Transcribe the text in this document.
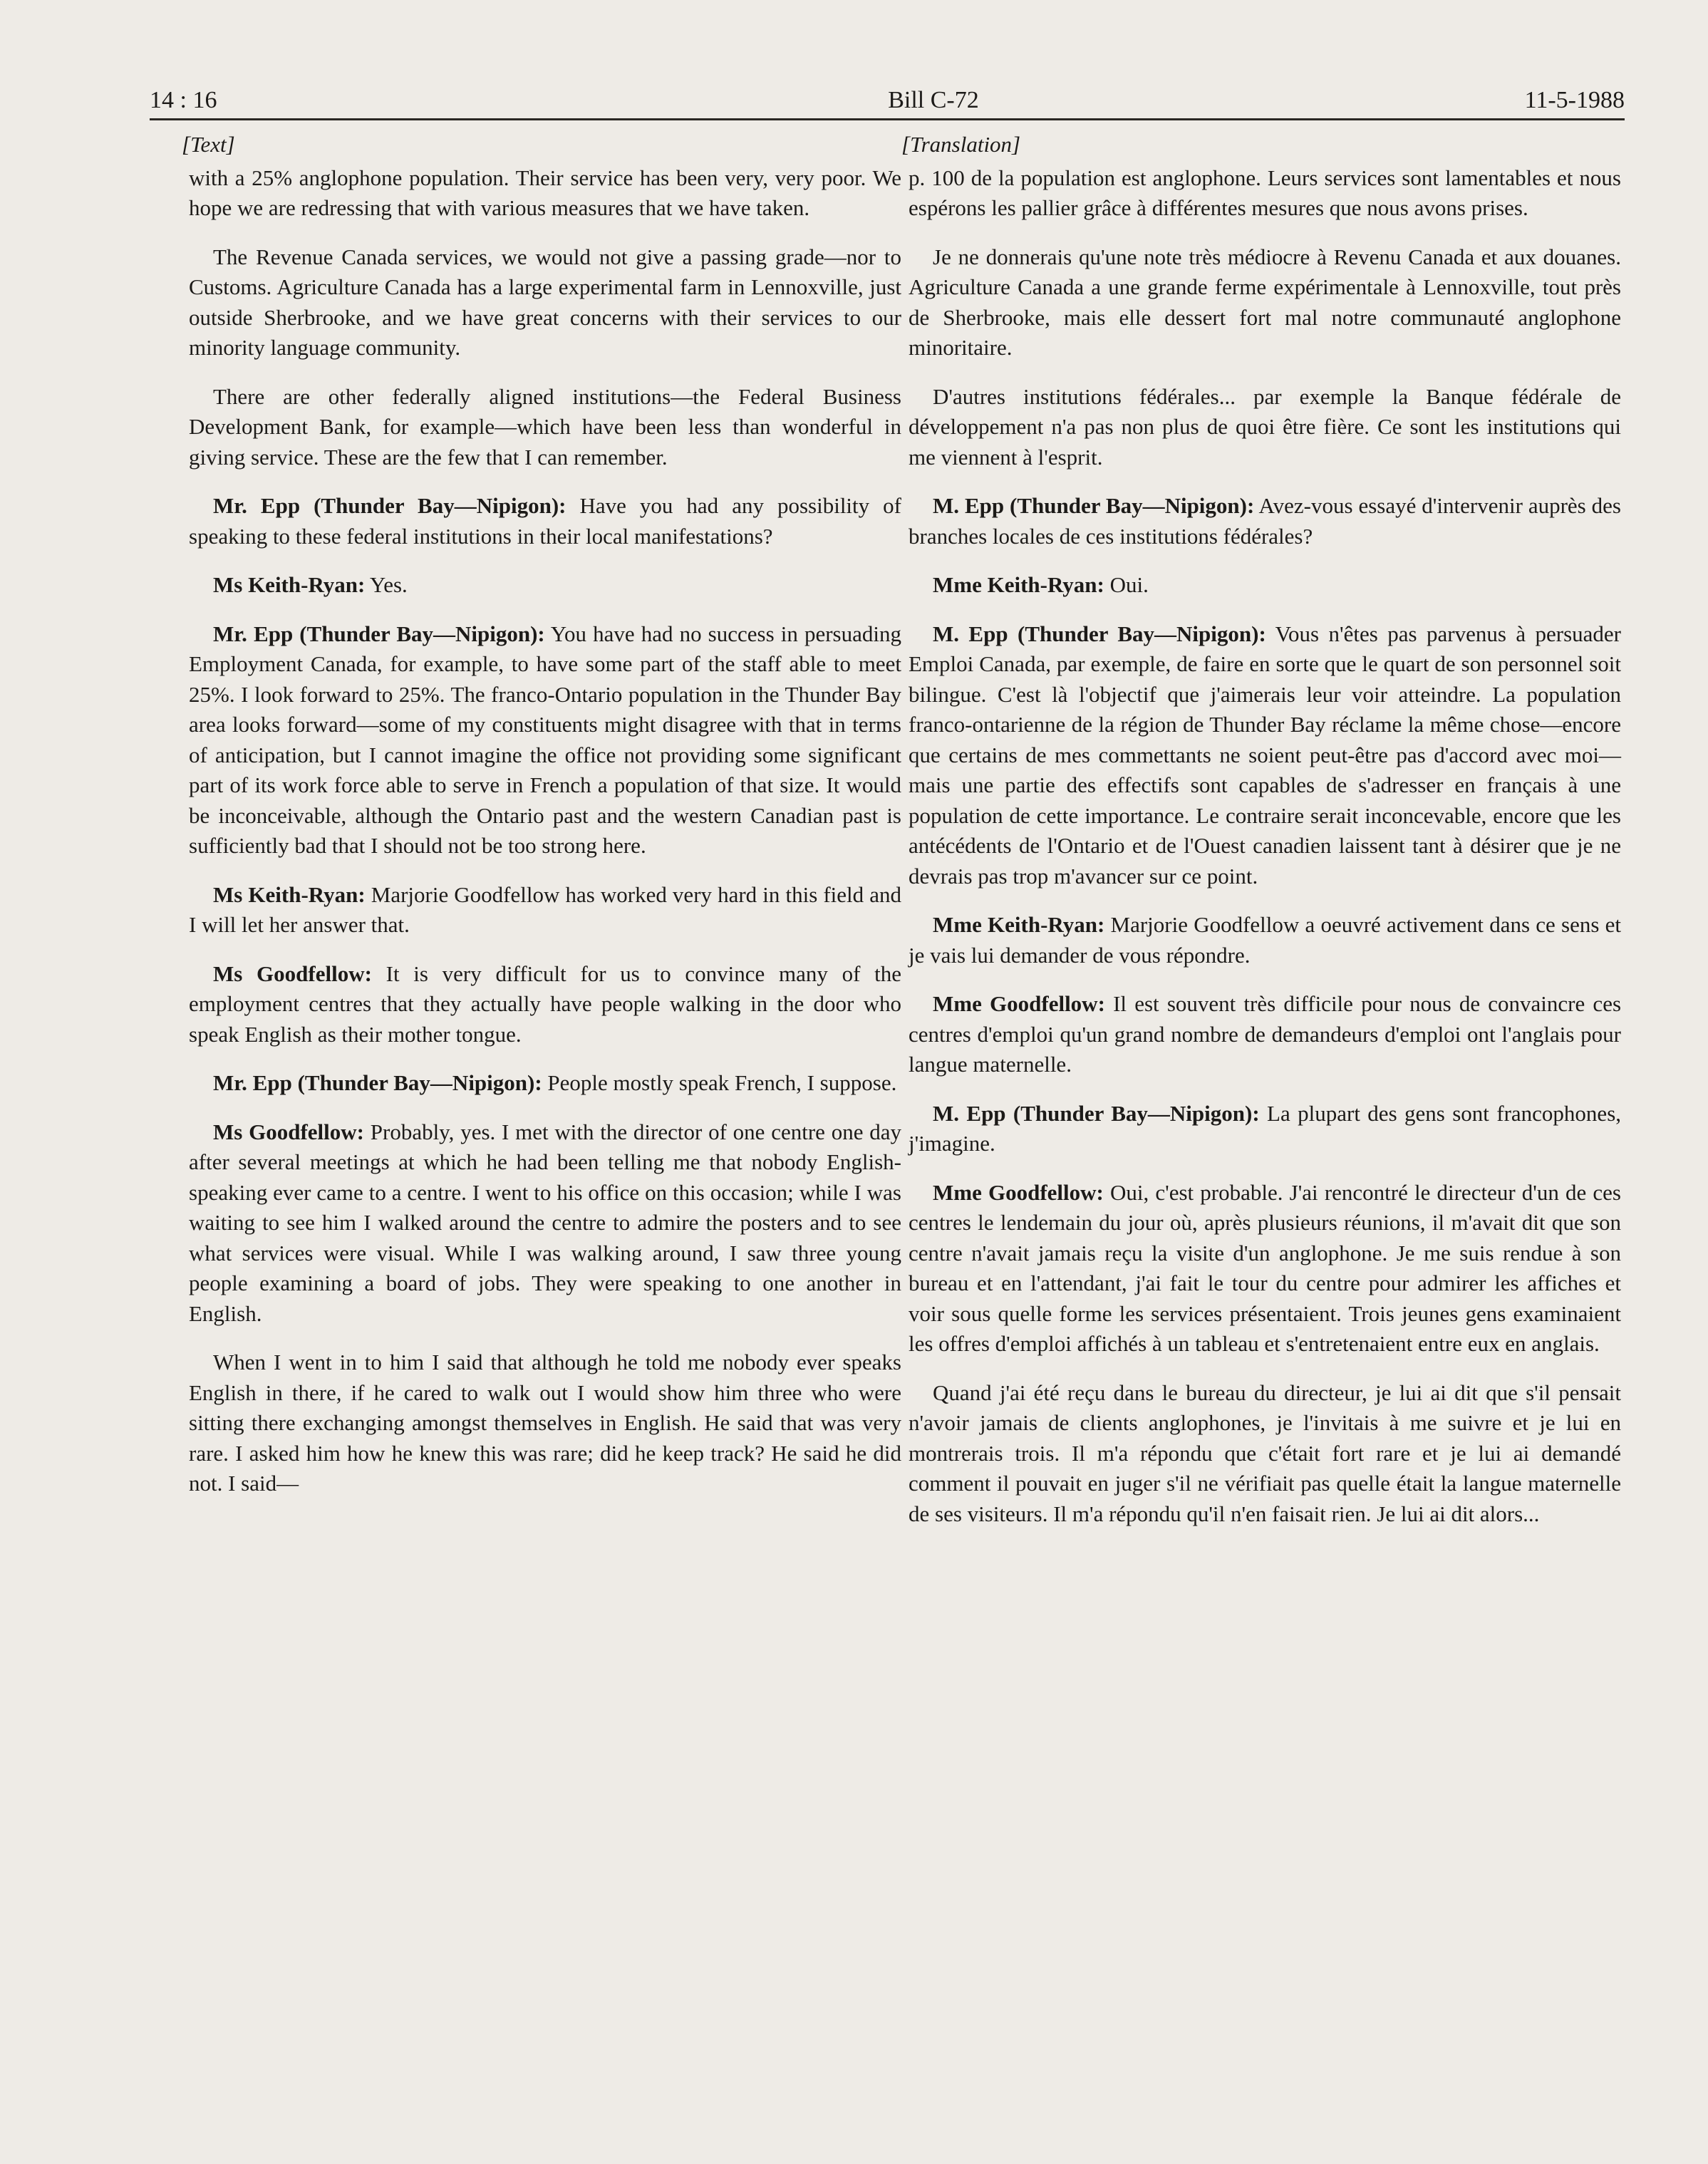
14 : 16	Bill C-72	11-5-1988
[Text]

with a 25% anglophone population. Their service has been very, very poor. We hope we are redressing that with various measures that we have taken.

The Revenue Canada services, we would not give a passing grade—nor to Customs. Agriculture Canada has a large experimental farm in Lennoxville, just outside Sherbrooke, and we have great concerns with their services to our minority language community.

There are other federally aligned institutions—the Federal Business Development Bank, for example—which have been less than wonderful in giving service. These are the few that I can remember.

Mr. Epp (Thunder Bay—Nipigon): Have you had any possibility of speaking to these federal institutions in their local manifestations?

Ms Keith-Ryan: Yes.

Mr. Epp (Thunder Bay—Nipigon): You have had no success in persuading Employment Canada, for example, to have some part of the staff able to meet 25%. I look forward to 25%. The franco-Ontario population in the Thunder Bay area looks forward—some of my constituents might disagree with that in terms of anticipation, but I cannot imagine the office not providing some significant part of its work force able to serve in French a population of that size. It would be inconceivable, although the Ontario past and the western Canadian past is sufficiently bad that I should not be too strong here.

Ms Keith-Ryan: Marjorie Goodfellow has worked very hard in this field and I will let her answer that.

Ms Goodfellow: It is very difficult for us to convince many of the employment centres that they actually have people walking in the door who speak English as their mother tongue.

Mr. Epp (Thunder Bay—Nipigon): People mostly speak French, I suppose.

Ms Goodfellow: Probably, yes. I met with the director of one centre one day after several meetings at which he had been telling me that nobody English-speaking ever came to a centre. I went to his office on this occasion; while I was waiting to see him I walked around the centre to admire the posters and to see what services were visual. While I was walking around, I saw three young people examining a board of jobs. They were speaking to one another in English.

When I went in to him I said that although he told me nobody ever speaks English in there, if he cared to walk out I would show him three who were sitting there exchanging amongst themselves in English. He said that was very rare. I asked him how he knew this was rare; did he keep track? He said he did not. I said—

[Translation]

p. 100 de la population est anglophone. Leurs services sont lamentables et nous espérons les pallier grâce à différentes mesures que nous avons prises.

Je ne donnerais qu'une note très médiocre à Revenu Canada et aux douanes. Agriculture Canada a une grande ferme expérimentale à Lennoxville, tout près de Sherbrooke, mais elle dessert fort mal notre communauté anglophone minoritaire.

D'autres institutions fédérales... par exemple la Banque fédérale de développement n'a pas non plus de quoi être fière. Ce sont les institutions qui me viennent à l'esprit.

M. Epp (Thunder Bay—Nipigon): Avez-vous essayé d'intervenir auprès des branches locales de ces institutions fédérales?

Mme Keith-Ryan: Oui.

M. Epp (Thunder Bay—Nipigon): Vous n'êtes pas parvenus à persuader Emploi Canada, par exemple, de faire en sorte que le quart de son personnel soit bilingue. C'est là l'objectif que j'aimerais leur voir atteindre. La population franco-ontarienne de la région de Thunder Bay réclame la même chose—encore que certains de mes commettants ne soient peut-être pas d'accord avec moi—mais une partie des effectifs sont capables de s'adresser en français à une population de cette importance. Le contraire serait inconcevable, encore que les antécédents de l'Ontario et de l'Ouest canadien laissent tant à désirer que je ne devrais pas trop m'avancer sur ce point.

Mme Keith-Ryan: Marjorie Goodfellow a oeuvré activement dans ce sens et je vais lui demander de vous répondre.

Mme Goodfellow: Il est souvent très difficile pour nous de convaincre ces centres d'emploi qu'un grand nombre de demandeurs d'emploi ont l'anglais pour langue maternelle.

M. Epp (Thunder Bay—Nipigon): La plupart des gens sont francophones, j'imagine.

Mme Goodfellow: Oui, c'est probable. J'ai rencontré le directeur d'un de ces centres le lendemain du jour où, après plusieurs réunions, il m'avait dit que son centre n'avait jamais reçu la visite d'un anglophone. Je me suis rendue à son bureau et en l'attendant, j'ai fait le tour du centre pour admirer les affiches et voir sous quelle forme les services présentaient. Trois jeunes gens examinaient les offres d'emploi affichés à un tableau et s'entretenaient entre eux en anglais.

Quand j'ai été reçu dans le bureau du directeur, je lui ai dit que s'il pensait n'avoir jamais de clients anglophones, je l'invitais à me suivre et je lui en montrerais trois. Il m'a répondu que c'était fort rare et je lui ai demandé comment il pouvait en juger s'il ne vérifiait pas quelle était la langue maternelle de ses visiteurs. Il m'a répondu qu'il n'en faisait rien. Je lui ai dit alors...
